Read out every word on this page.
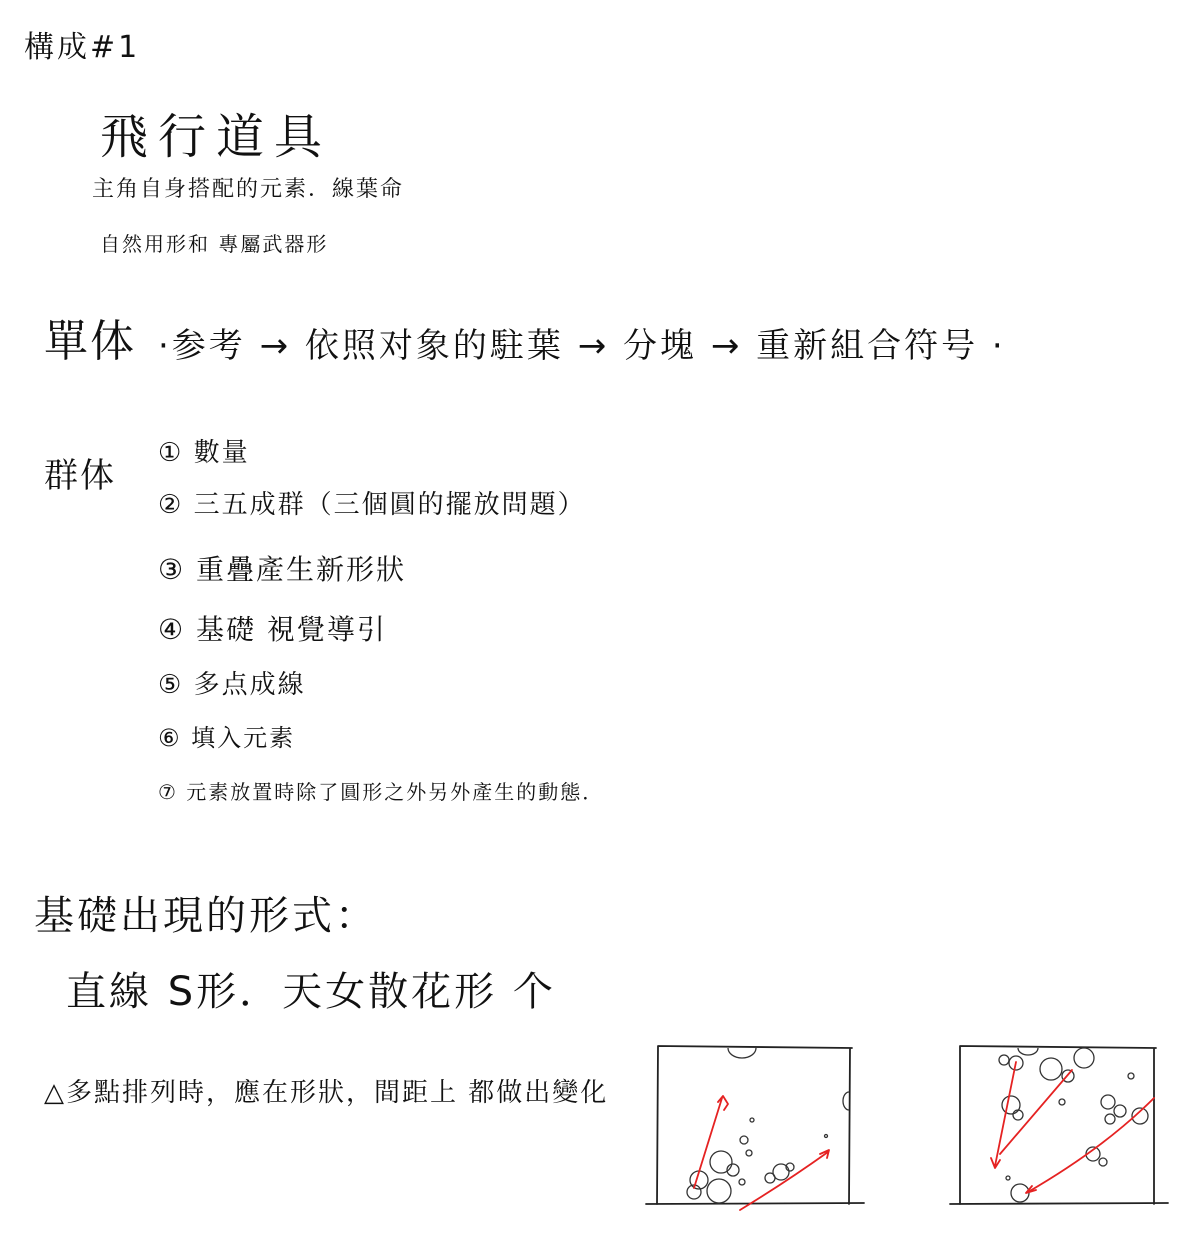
構成#1
飛行道具
主角自身搭配的元素．線葉命
自然用形和 專屬武器形
單体 ·参考 → 依照对象的駐葉 → 分塊 → 重新組合符号 ·
群体
① 數量
② 三五成群（三個圓的擺放問題）
③ 重疊產生新形狀
④ 基礎 視覺導引
⑤ 多点成線
⑥ 填入元素
⑦ 元素放置時除了圓形之外另外產生的動態．
基礎出現的形式：
直線 S形．天女散花形 个
△多點排列時，應在形狀，間距上 都做出變化
